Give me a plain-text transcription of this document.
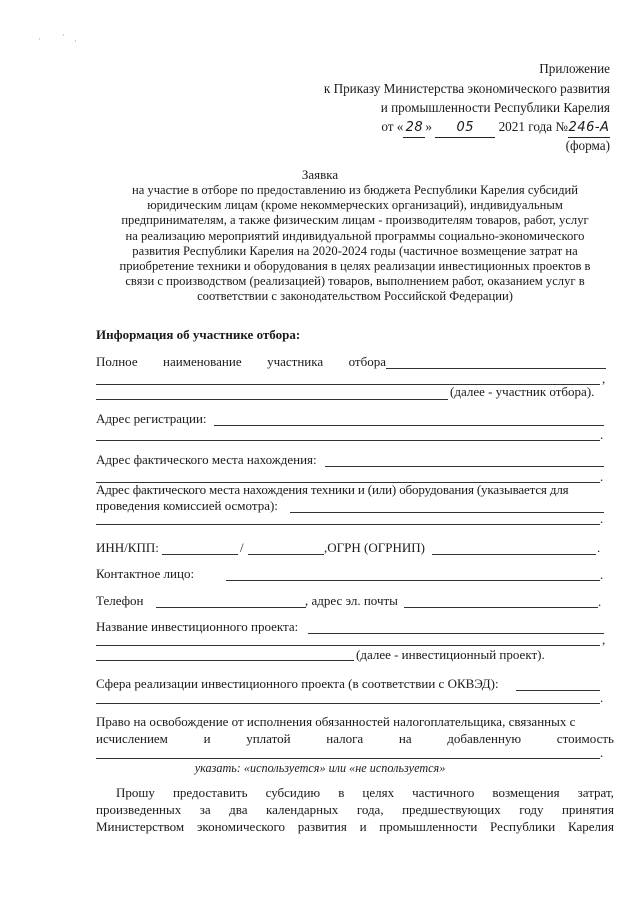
· ·
·
Приложение
к Приказу Министерства экономического развития
и промышленности Республики Карелия
от « 28 » 05 2021 года №246-А
(форма)
Заявка
на участие в отборе по предоставлению из бюджета Республики Карелия субсидий
юридическим лицам (кроме некоммерческих организаций), индивидуальным
предпринимателям, а также физическим лицам - производителям товаров, работ, услуг
на реализацию мероприятий индивидуальной программы социально-экономического
развития Республики Карелия на 2020-2024 годы (частичное возмещение затрат на
приобретение техники и оборудования в целях реализации инвестиционных проектов в
связи с производством (реализацией) товаров, выполнением работ, оказанием услуг в
соответствии с законодательством Российской Федерации)
Информация об участнике отбора:
Полное наименование участника отбора
,
(далее - участник отбора).
Адрес регистрации:
.
Адрес фактического места нахождения:
.
Адрес фактического места нахождения техники и (или) оборудования (указывается для
проведения комиссией осмотра):
.
ИНН/КПП:	/	,ОГРН (ОГРНИП)	.
Контактное лицо:	.
Телефон	, адрес эл. почты	.
Название инвестиционного проекта:
,
(далее - инвестиционный проект).
Сфера реализации инвестиционного проекта (в соответствии с ОКВЭД):
.
Право на освобождение от исполнения обязанностей налогоплательщика, связанных с
исчислением	и	уплатой	налога	на	добавленную	стоимость
.
указать: «используется» или «не используется»
Прошу предоставить субсидию в целях частичного возмещения затрат,
произведенных за два календарных года, предшествующих году принятия
Министерством экономического развития и промышленности Республики Карелия
